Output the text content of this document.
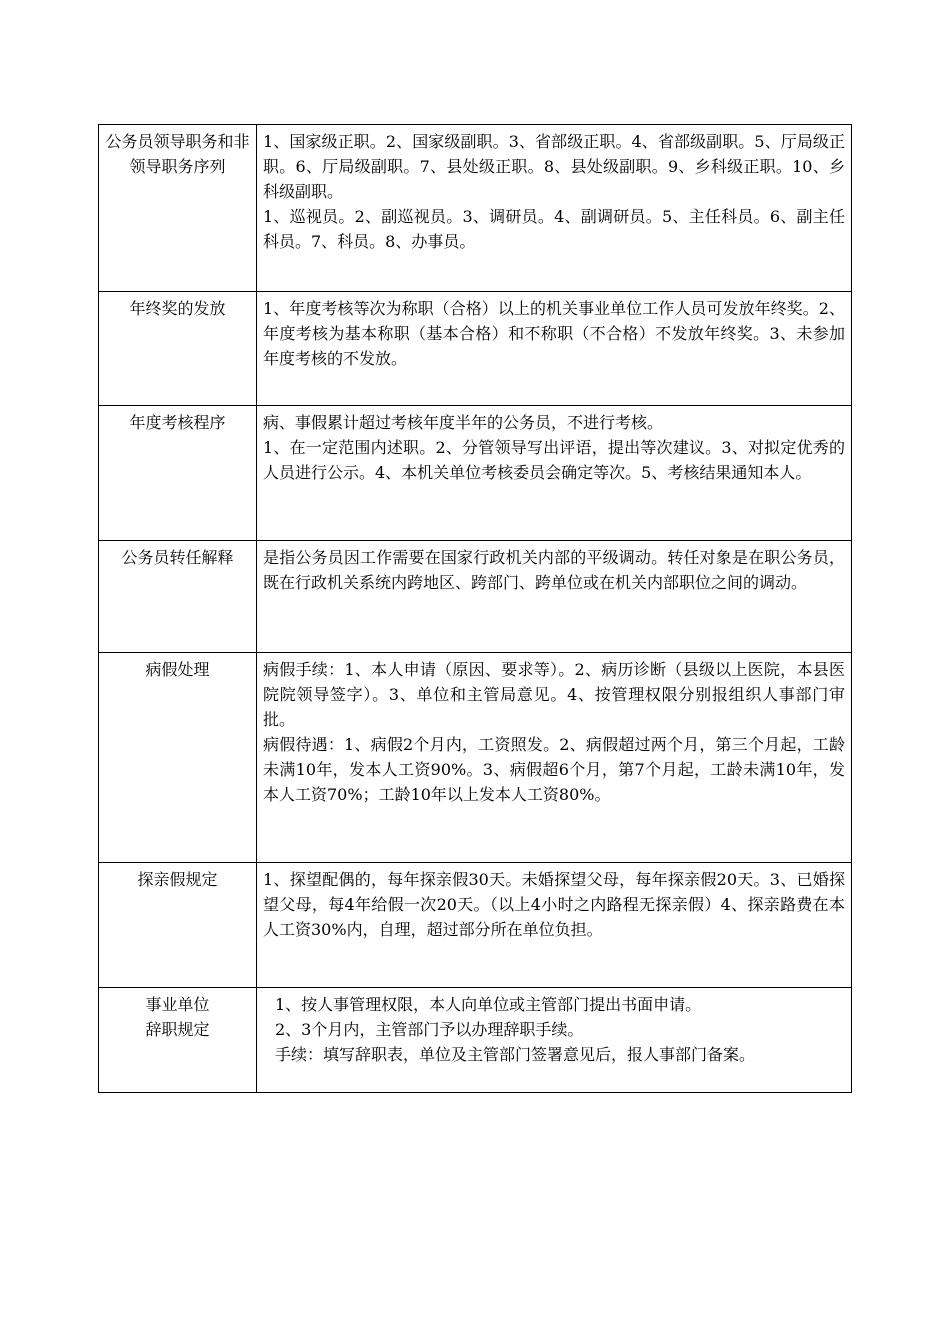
公务员领导职务和非领导职务序列	1、国家级正职。2、国家级副职。3、省部级正职。4、省部级副职。5、厅局级正职。6、厅局级副职。7、县处级正职。8、县处级副职。9、乡科级正职。10、乡科级副职。
1、巡视员。2、副巡视员。3、调研员。4、副调研员。5、主任科员。6、副主任科员。7、科员。8、办事员。

年终奖的发放	1、年度考核等次为称职（合格）以上的机关事业单位工作人员可发放年终奖。2、年度考核为基本称职（基本合格）和不称职（不合格）不发放年终奖。3、未参加年度考核的不发放。

年度考核程序	病、事假累计超过考核年度半年的公务员，不进行考核。
1、在一定范围内述职。2、分管领导写出评语，提出等次建议。3、对拟定优秀的人员进行公示。4、本机关单位考核委员会确定等次。5、考核结果通知本人。

公务员转任解释	是指公务员因工作需要在国家行政机关内部的平级调动。转任对象是在职公务员，既在行政机关系统内跨地区、跨部门、跨单位或在机关内部职位之间的调动。

病假处理	病假手续：1、本人申请（原因、要求等）。2、病历诊断（县级以上医院，本县医院院领导签字）。3、单位和主管局意见。4、按管理权限分别报组织人事部门审批。
病假待遇：1、病假2个月内，工资照发。2、病假超过两个月，第三个月起，工龄未满10年，发本人工资90%。3、病假超6个月，第7个月起，工龄未满10年，发本人工资70%；工龄10年以上发本人工资80%。

探亲假规定	1、探望配偶的，每年探亲假30天。未婚探望父母，每年探亲假20天。3、已婚探望父母，每4年给假一次20天。（以上4小时之内路程无探亲假）4、探亲路费在本人工资30%内，自理，超过部分所在单位负担。

事业单位
辞职规定	1、按人事管理权限，本人向单位或主管部门提出书面申请。
2、3个月内，主管部门予以办理辞职手续。
手续：填写辞职表，单位及主管部门签署意见后，报人事部门备案。
